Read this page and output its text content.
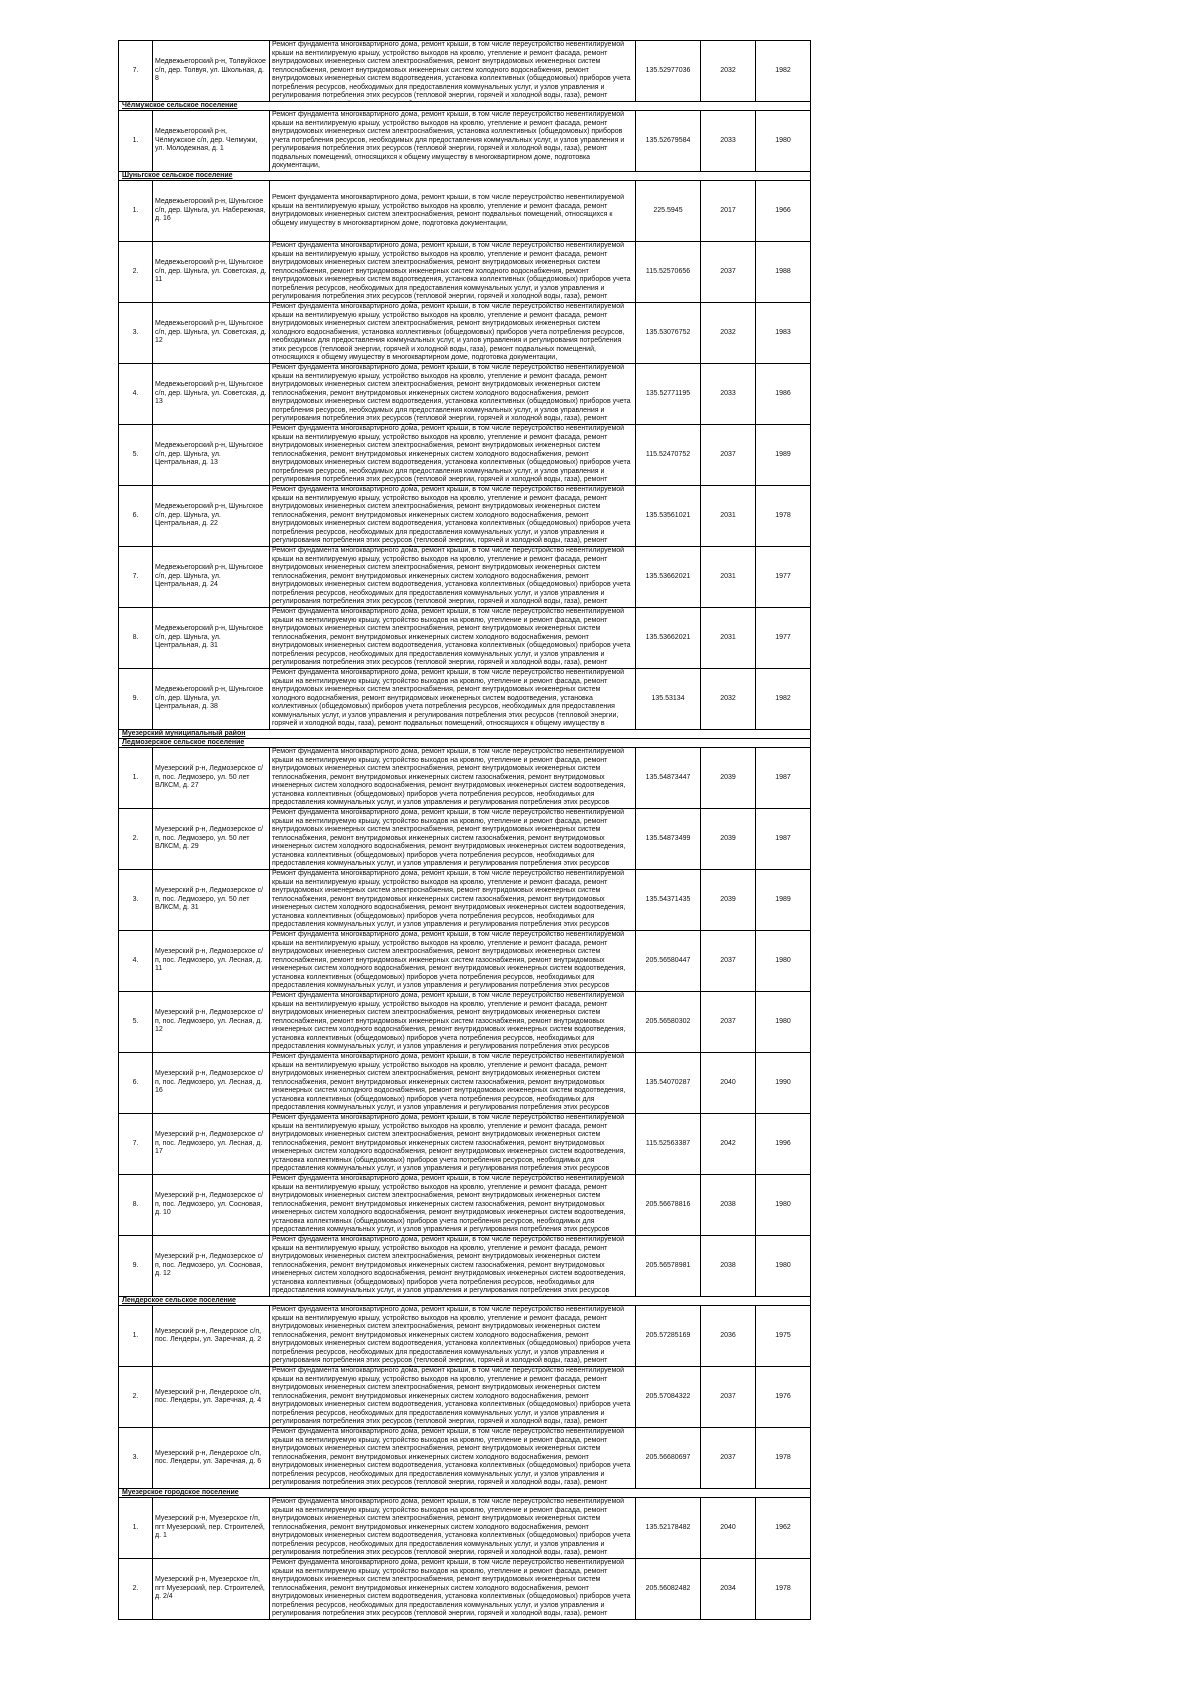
7.	Медвежьегорский р-н, Толвуйское с/п, дер. Толвуя, ул. Школьная, д. 8	Ремонт фундамента многоквартирного дома, ремонт крыши, в том числе переустройство невентилируемой крыши на вентилируемую крышу, устройство выходов на кровлю, утепление и ремонт фасада, ремонт внутридомовых инженерных систем электроснабжения, ремонт внутридомовых инженерных систем теплоснабжения, ремонт внутридомовых инженерных систем холодного водоснабжения, ремонт внутридомовых инженерных систем водоотведения, установка коллективных (общедомовых) приборов учета потребления ресурсов, необходимых для предоставления коммунальных услуг, и узлов управления и регулирования потребления этих ресурсов (тепловой энергии, горячей и холодной воды, газа), ремонт	135.52977036	2032	1982
Чёлмужское сельское поселение					
1.	Медвежьегорский р-н, Чёлмужское с/п, дер. Челмужи, ул. Молодежная, д. 1	Ремонт фундамента многоквартирного дома, ремонт крыши, в том числе переустройство невентилируемой крыши на вентилируемую крышу, устройство выходов на кровлю, утепление и ремонт фасада, ремонт внутридомовых инженерных систем электроснабжения, установка коллективных (общедомовых) приборов учета потребления ресурсов, необходимых для предоставления коммунальных услуг, и узлов управления и регулирования потребления этих ресурсов (тепловой энергии, горячей и холодной воды, газа), ремонт подвальных помещений, относящихся к общему имуществу в многоквартирном доме, подготовка документации,	135.52679584	2033	1980
Шуньгское сельское поселение					
1.	Медвежьегорский р-н, Шуньгское с/п, дер. Шуньга, ул. Набережная, д. 16	Ремонт фундамента многоквартирного дома, ремонт крыши, в том числе переустройство невентилируемой крыши на вентилируемую крышу, устройство выходов на кровлю, утепление и ремонт фасада, ремонт внутридомовых инженерных систем электроснабжения, ремонт подвальных помещений, относящихся к общему имуществу в многоквартирном доме, подготовка документации,	225.5945	2017	1966
2.	Медвежьегорский р-н, Шуньгское с/п, дер. Шуньга, ул. Советская, д. 11	Ремонт фундамента многоквартирного дома, ремонт крыши, в том числе переустройство невентилируемой крыши на вентилируемую крышу, устройство выходов на кровлю, утепление и ремонт фасада, ремонт внутридомовых инженерных систем электроснабжения, ремонт внутридомовых инженерных систем теплоснабжения, ремонт внутридомовых инженерных систем холодного водоснабжения, ремонт внутридомовых инженерных систем водоотведения, установка коллективных (общедомовых) приборов учета потребления ресурсов, необходимых для предоставления коммунальных услуг, и узлов управления и регулирования потребления этих ресурсов (тепловой энергии, горячей и холодной воды, газа), ремонт	115.52570656	2037	1988
3.	Медвежьегорский р-н, Шуньгское с/п, дер. Шуньга, ул. Советская, д. 12	Ремонт фундамента многоквартирного дома, ремонт крыши, в том числе переустройство невентилируемой крыши на вентилируемую крышу, устройство выходов на кровлю, утепление и ремонт фасада, ремонт внутридомовых инженерных систем электроснабжения, ремонт внутридомовых инженерных систем холодного водоснабжения, установка коллективных (общедомовых) приборов учета потребления ресурсов, необходимых для предоставления коммунальных услуг, и узлов управления и регулирования потребления этих ресурсов (тепловой энергии, горячей и холодной воды, газа), ремонт подвальных помещений, относящихся к общему имуществу в многоквартирном доме, подготовка документации,	135.53076752	2032	1983
4.	Медвежьегорский р-н, Шуньгское с/п, дер. Шуньга, ул. Советская, д. 13	Ремонт фундамента многоквартирного дома, ремонт крыши, в том числе переустройство невентилируемой крыши на вентилируемую крышу, устройство выходов на кровлю, утепление и ремонт фасада, ремонт внутридомовых инженерных систем электроснабжения, ремонт внутридомовых инженерных систем теплоснабжения, ремонт внутридомовых инженерных систем холодного водоснабжения, ремонт внутридомовых инженерных систем водоотведения, установка коллективных (общедомовых) приборов учета потребления ресурсов, необходимых для предоставления коммунальных услуг, и узлов управления и регулирования потребления этих ресурсов (тепловой энергии, горячей и холодной воды, газа), ремонт	135.52771195	2033	1986
5.	Медвежьегорский р-н, Шуньгское с/п, дер. Шуньга, ул. Центральная, д. 13	Ремонт фундамента многоквартирного дома, ремонт крыши, в том числе переустройство невентилируемой крыши на вентилируемую крышу, устройство выходов на кровлю, утепление и ремонт фасада, ремонт внутридомовых инженерных систем электроснабжения, ремонт внутридомовых инженерных систем теплоснабжения, ремонт внутридомовых инженерных систем холодного водоснабжения, ремонт внутридомовых инженерных систем водоотведения, установка коллективных (общедомовых) приборов учета потребления ресурсов, необходимых для предоставления коммунальных услуг, и узлов управления и регулирования потребления этих ресурсов (тепловой энергии, горячей и холодной воды, газа), ремонт	115.52470752	2037	1989
6.	Медвежьегорский р-н, Шуньгское с/п, дер. Шуньга, ул. Центральная, д. 22	Ремонт фундамента многоквартирного дома, ремонт крыши, в том числе переустройство невентилируемой крыши на вентилируемую крышу, устройство выходов на кровлю, утепление и ремонт фасада, ремонт внутридомовых инженерных систем электроснабжения, ремонт внутридомовых инженерных систем теплоснабжения, ремонт внутридомовых инженерных систем холодного водоснабжения, ремонт внутридомовых инженерных систем водоотведения, установка коллективных (общедомовых) приборов учета потребления ресурсов, необходимых для предоставления коммунальных услуг, и узлов управления и регулирования потребления этих ресурсов (тепловой энергии, горячей и холодной воды, газа), ремонт	135.53561021	2031	1978
7.	Медвежьегорский р-н, Шуньгское с/п, дер. Шуньга, ул. Центральная, д. 24	Ремонт фундамента многоквартирного дома, ремонт крыши, в том числе переустройство невентилируемой крыши на вентилируемую крышу, устройство выходов на кровлю, утепление и ремонт фасада, ремонт внутридомовых инженерных систем электроснабжения, ремонт внутридомовых инженерных систем теплоснабжения, ремонт внутридомовых инженерных систем холодного водоснабжения, ремонт внутридомовых инженерных систем водоотведения, установка коллективных (общедомовых) приборов учета потребления ресурсов, необходимых для предоставления коммунальных услуг, и узлов управления и регулирования потребления этих ресурсов (тепловой энергии, горячей и холодной воды, газа), ремонт	135.53662021	2031	1977
8.	Медвежьегорский р-н, Шуньгское с/п, дер. Шуньга, ул. Центральная, д. 31	Ремонт фундамента многоквартирного дома, ремонт крыши, в том числе переустройство невентилируемой крыши на вентилируемую крышу, устройство выходов на кровлю, утепление и ремонт фасада, ремонт внутридомовых инженерных систем электроснабжения, ремонт внутридомовых инженерных систем теплоснабжения, ремонт внутридомовых инженерных систем холодного водоснабжения, ремонт внутридомовых инженерных систем водоотведения, установка коллективных (общедомовых) приборов учета потребления ресурсов, необходимых для предоставления коммунальных услуг, и узлов управления и регулирования потребления этих ресурсов (тепловой энергии, горячей и холодной воды, газа), ремонт	135.53662021	2031	1977
9.	Медвежьегорский р-н, Шуньгское с/п, дер. Шуньга, ул. Центральная, д. 38	Ремонт фундамента многоквартирного дома, ремонт крыши, в том числе переустройство невентилируемой крыши на вентилируемую крышу, устройство выходов на кровлю, утепление и ремонт фасада, ремонт внутридомовых инженерных систем электроснабжения, ремонт внутридомовых инженерных систем холодного водоснабжения, ремонт внутридомовых инженерных систем водоотведения, установка коллективных (общедомовых) приборов учета потребления ресурсов, необходимых для предоставления коммунальных услуг, и узлов управления и регулирования потребления этих ресурсов (тепловой энергии, горячей и холодной воды, газа), ремонт подвальных помещений, относящихся к общему имуществу в	135.53134	2032	1982
Муезерский муниципальный район					
Ледмозерское сельское поселение					
1.	Муезерский р-н, Ледмозерское с/п, пос. Ледмозеро, ул. 50 лет ВЛКСМ, д. 27	Ремонт фундамента многоквартирного дома, ремонт крыши, в том числе переустройство невентилируемой крыши на вентилируемую крышу, устройство выходов на кровлю, утепление и ремонт фасада, ремонт внутридомовых инженерных систем электроснабжения, ремонт внутридомовых инженерных систем теплоснабжения, ремонт внутридомовых инженерных систем газоснабжения, ремонт внутридомовых инженерных систем холодного водоснабжения, ремонт внутридомовых инженерных систем водоотведения, установка коллективных (общедомовых) приборов учета потребления ресурсов, необходимых для предоставления коммунальных услуг, и узлов управления и регулирования потребления этих ресурсов	135.54873447	2039	1987
2.	Муезерский р-н, Ледмозерское с/п, пос. Ледмозеро, ул. 50 лет ВЛКСМ, д. 29	Ремонт фундамента многоквартирного дома, ремонт крыши, в том числе переустройство невентилируемой крыши на вентилируемую крышу, устройство выходов на кровлю, утепление и ремонт фасада, ремонт внутридомовых инженерных систем электроснабжения, ремонт внутридомовых инженерных систем теплоснабжения, ремонт внутридомовых инженерных систем газоснабжения, ремонт внутридомовых инженерных систем холодного водоснабжения, ремонт внутридомовых инженерных систем водоотведения, установка коллективных (общедомовых) приборов учета потребления ресурсов, необходимых для предоставления коммунальных услуг, и узлов управления и регулирования потребления этих ресурсов	135.54873499	2039	1987
3.	Муезерский р-н, Ледмозерское с/п, пос. Ледмозеро, ул. 50 лет ВЛКСМ, д. 31	Ремонт фундамента многоквартирного дома, ремонт крыши, в том числе переустройство невентилируемой крыши на вентилируемую крышу, устройство выходов на кровлю, утепление и ремонт фасада, ремонт внутридомовых инженерных систем электроснабжения, ремонт внутридомовых инженерных систем теплоснабжения, ремонт внутридомовых инженерных систем газоснабжения, ремонт внутридомовых инженерных систем холодного водоснабжения, ремонт внутридомовых инженерных систем водоотведения, установка коллективных (общедомовых) приборов учета потребления ресурсов, необходимых для предоставления коммунальных услуг, и узлов управления и регулирования потребления этих ресурсов	135.54371435	2039	1989
4.	Муезерский р-н, Ледмозерское с/п, пос. Ледмозеро, ул. Лесная, д. 11	Ремонт фундамента многоквартирного дома, ремонт крыши, в том числе переустройство невентилируемой крыши на вентилируемую крышу, устройство выходов на кровлю, утепление и ремонт фасада, ремонт внутридомовых инженерных систем электроснабжения, ремонт внутридомовых инженерных систем теплоснабжения, ремонт внутридомовых инженерных систем газоснабжения, ремонт внутридомовых инженерных систем холодного водоснабжения, ремонт внутридомовых инженерных систем водоотведения, установка коллективных (общедомовых) приборов учета потребления ресурсов, необходимых для предоставления коммунальных услуг, и узлов управления и регулирования потребления этих ресурсов	205.56580447	2037	1980
5.	Муезерский р-н, Ледмозерское с/п, пос. Ледмозеро, ул. Лесная, д. 12	Ремонт фундамента многоквартирного дома, ремонт крыши, в том числе переустройство невентилируемой крыши на вентилируемую крышу, устройство выходов на кровлю, утепление и ремонт фасада, ремонт внутридомовых инженерных систем электроснабжения, ремонт внутридомовых инженерных систем теплоснабжения, ремонт внутридомовых инженерных систем газоснабжения, ремонт внутридомовых инженерных систем холодного водоснабжения, ремонт внутридомовых инженерных систем водоотведения, установка коллективных (общедомовых) приборов учета потребления ресурсов, необходимых для предоставления коммунальных услуг, и узлов управления и регулирования потребления этих ресурсов	205.56580302	2037	1980
6.	Муезерский р-н, Ледмозерское с/п, пос. Ледмозеро, ул. Лесная, д. 16	Ремонт фундамента многоквартирного дома, ремонт крыши, в том числе переустройство невентилируемой крыши на вентилируемую крышу, устройство выходов на кровлю, утепление и ремонт фасада, ремонт внутридомовых инженерных систем электроснабжения, ремонт внутридомовых инженерных систем теплоснабжения, ремонт внутридомовых инженерных систем газоснабжения, ремонт внутридомовых инженерных систем холодного водоснабжения, ремонт внутридомовых инженерных систем водоотведения, установка коллективных (общедомовых) приборов учета потребления ресурсов, необходимых для предоставления коммунальных услуг, и узлов управления и регулирования потребления этих ресурсов	135.54070287	2040	1990
7.	Муезерский р-н, Ледмозерское с/п, пос. Ледмозеро, ул. Лесная, д. 17	Ремонт фундамента многоквартирного дома, ремонт крыши, в том числе переустройство невентилируемой крыши на вентилируемую крышу, устройство выходов на кровлю, утепление и ремонт фасада, ремонт внутридомовых инженерных систем электроснабжения, ремонт внутридомовых инженерных систем теплоснабжения, ремонт внутридомовых инженерных систем газоснабжения, ремонт внутридомовых инженерных систем холодного водоснабжения, ремонт внутридомовых инженерных систем водоотведения, установка коллективных (общедомовых) приборов учета потребления ресурсов, необходимых для предоставления коммунальных услуг, и узлов управления и регулирования потребления этих ресурсов	115.52563387	2042	1996
8.	Муезерский р-н, Ледмозерское с/п, пос. Ледмозеро, ул. Сосновая, д. 10	Ремонт фундамента многоквартирного дома, ремонт крыши, в том числе переустройство невентилируемой крыши на вентилируемую крышу, устройство выходов на кровлю, утепление и ремонт фасада, ремонт внутридомовых инженерных систем электроснабжения, ремонт внутридомовых инженерных систем теплоснабжения, ремонт внутридомовых инженерных систем газоснабжения, ремонт внутридомовых инженерных систем холодного водоснабжения, ремонт внутридомовых инженерных систем водоотведения, установка коллективных (общедомовых) приборов учета потребления ресурсов, необходимых для предоставления коммунальных услуг, и узлов управления и регулирования потребления этих ресурсов	205.56678816	2038	1980
9.	Муезерский р-н, Ледмозерское с/п, пос. Ледмозеро, ул. Сосновая, д. 12	Ремонт фундамента многоквартирного дома, ремонт крыши, в том числе переустройство невентилируемой крыши на вентилируемую крышу, устройство выходов на кровлю, утепление и ремонт фасада, ремонт внутридомовых инженерных систем электроснабжения, ремонт внутридомовых инженерных систем теплоснабжения, ремонт внутридомовых инженерных систем газоснабжения, ремонт внутридомовых инженерных систем холодного водоснабжения, ремонт внутридомовых инженерных систем водоотведения, установка коллективных (общедомовых) приборов учета потребления ресурсов, необходимых для предоставления коммунальных услуг, и узлов управления и регулирования потребления этих ресурсов	205.56578981	2038	1980
Лендерское сельское поселение					
1.	Муезерский р-н, Лендерское с/п, пос. Лендеры, ул. Заречная, д. 2	Ремонт фундамента многоквартирного дома, ремонт крыши, в том числе переустройство невентилируемой крыши на вентилируемую крышу, устройство выходов на кровлю, утепление и ремонт фасада, ремонт внутридомовых инженерных систем электроснабжения, ремонт внутридомовых инженерных систем теплоснабжения, ремонт внутридомовых инженерных систем холодного водоснабжения, ремонт внутридомовых инженерных систем водоотведения, установка коллективных (общедомовых) приборов учета потребления ресурсов, необходимых для предоставления коммунальных услуг, и узлов управления и регулирования потребления этих ресурсов (тепловой энергии, горячей и холодной воды, газа), ремонт	205.57285169	2036	1975
2.	Муезерский р-н, Лендерское с/п, пос. Лендеры, ул. Заречная, д. 4	Ремонт фундамента многоквартирного дома, ремонт крыши, в том числе переустройство невентилируемой крыши на вентилируемую крышу, устройство выходов на кровлю, утепление и ремонт фасада, ремонт внутридомовых инженерных систем электроснабжения, ремонт внутридомовых инженерных систем теплоснабжения, ремонт внутридомовых инженерных систем холодного водоснабжения, ремонт внутридомовых инженерных систем водоотведения, установка коллективных (общедомовых) приборов учета потребления ресурсов, необходимых для предоставления коммунальных услуг, и узлов управления и регулирования потребления этих ресурсов (тепловой энергии, горячей и холодной воды, газа), ремонт	205.57084322	2037	1976
3.	Муезерский р-н, Лендерское с/п, пос. Лендеры, ул. Заречная, д. 6	Ремонт фундамента многоквартирного дома, ремонт крыши, в том числе переустройство невентилируемой крыши на вентилируемую крышу, устройство выходов на кровлю, утепление и ремонт фасада, ремонт внутридомовых инженерных систем электроснабжения, ремонт внутридомовых инженерных систем теплоснабжения, ремонт внутридомовых инженерных систем холодного водоснабжения, ремонт внутридомовых инженерных систем водоотведения, установка коллективных (общедомовых) приборов учета потребления ресурсов, необходимых для предоставления коммунальных услуг, и узлов управления и регулирования потребления этих ресурсов (тепловой энергии, горячей и холодной воды, газа), ремонт	205.56680697	2037	1978
Муезерское городское поселение					
1.	Муезерский р-н, Муезерское г/п, пгт Муезерский, пер. Строителей, д. 1	Ремонт фундамента многоквартирного дома, ремонт крыши, в том числе переустройство невентилируемой крыши на вентилируемую крышу, устройство выходов на кровлю, утепление и ремонт фасада, ремонт внутридомовых инженерных систем электроснабжения, ремонт внутридомовых инженерных систем теплоснабжения, ремонт внутридомовых инженерных систем холодного водоснабжения, ремонт внутридомовых инженерных систем водоотведения, установка коллективных (общедомовых) приборов учета потребления ресурсов, необходимых для предоставления коммунальных услуг, и узлов управления и регулирования потребления этих ресурсов (тепловой энергии, горячей и холодной воды, газа), ремонт	135.52178482	2040	1962
2.	Муезерский р-н, Муезерское г/п, пгт Муезерский, пер. Строителей, д. 2/4	Ремонт фундамента многоквартирного дома, ремонт крыши, в том числе переустройство невентилируемой крыши на вентилируемую крышу, устройство выходов на кровлю, утепление и ремонт фасада, ремонт внутридомовых инженерных систем электроснабжения, ремонт внутридомовых инженерных систем теплоснабжения, ремонт внутридомовых инженерных систем холодного водоснабжения, ремонт внутридомовых инженерных систем водоотведения, установка коллективных (общедомовых) приборов учета потребления ресурсов, необходимых для предоставления коммунальных услуг, и узлов управления и регулирования потребления этих ресурсов (тепловой энергии, горячей и холодной воды, газа), ремонт	205.56082482	2034	1978
